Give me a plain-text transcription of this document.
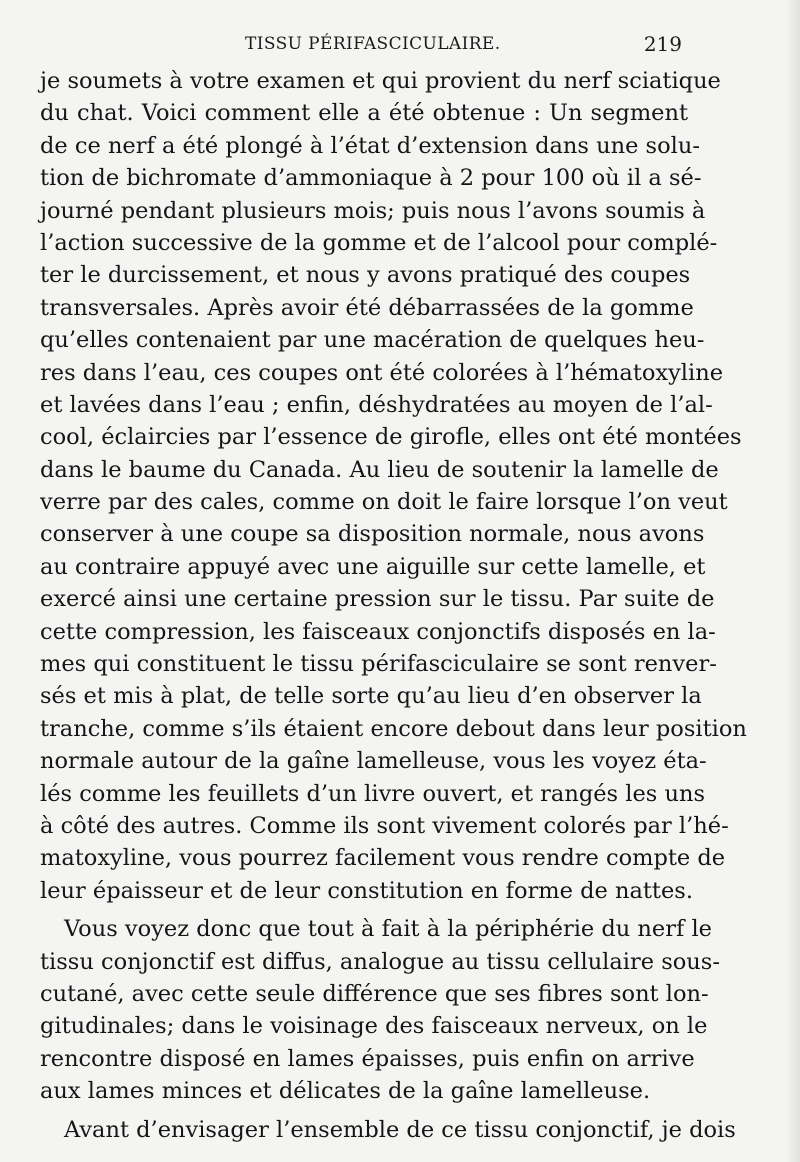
TISSU PÉRIFASCICULAIRE.	219
je soumets à votre examen et qui provient du nerf sciatique
du chat. Voici comment elle a été obtenue : Un segment
de ce nerf a été plongé à l’état d’extension dans une solu-
tion de bichromate d’ammoniaque à 2 pour 100 où il a sé-
journé pendant plusieurs mois; puis nous l’avons soumis à
l’action successive de la gomme et de l’alcool pour complé-
ter le durcissement, et nous y avons pratiqué des coupes
transversales. Après avoir été débarrassées de la gomme
qu’elles contenaient par une macération de quelques heu-
res dans l’eau, ces coupes ont été colorées à l’hématoxyline
et lavées dans l’eau ; enfin, déshydratées au moyen de l’al-
cool, éclaircies par l’essence de girofle, elles ont été montées
dans le baume du Canada. Au lieu de soutenir la lamelle de
verre par des cales, comme on doit le faire lorsque l’on veut
conserver à une coupe sa disposition normale, nous avons
au contraire appuyé avec une aiguille sur cette lamelle, et
exercé ainsi une certaine pression sur le tissu. Par suite de
cette compression, les faisceaux conjonctifs disposés en la-
mes qui constituent le tissu périfasciculaire se sont renver-
sés et mis à plat, de telle sorte qu’au lieu d’en observer la
tranche, comme s’ils étaient encore debout dans leur position
normale autour de la gaîne lamelleuse, vous les voyez éta-
lés comme les feuillets d’un livre ouvert, et rangés les uns
à côté des autres. Comme ils sont vivement colorés par l’hé-
matoxyline, vous pourrez facilement vous rendre compte de
leur épaisseur et de leur constitution en forme de nattes.
Vous voyez donc que tout à fait à la périphérie du nerf le
tissu conjonctif est diffus, analogue au tissu cellulaire sous-
cutané, avec cette seule différence que ses fibres sont lon-
gitudinales; dans le voisinage des faisceaux nerveux, on le
rencontre disposé en lames épaisses, puis enfin on arrive
aux lames minces et délicates de la gaîne lamelleuse.
Avant d’envisager l’ensemble de ce tissu conjonctif, je dois
